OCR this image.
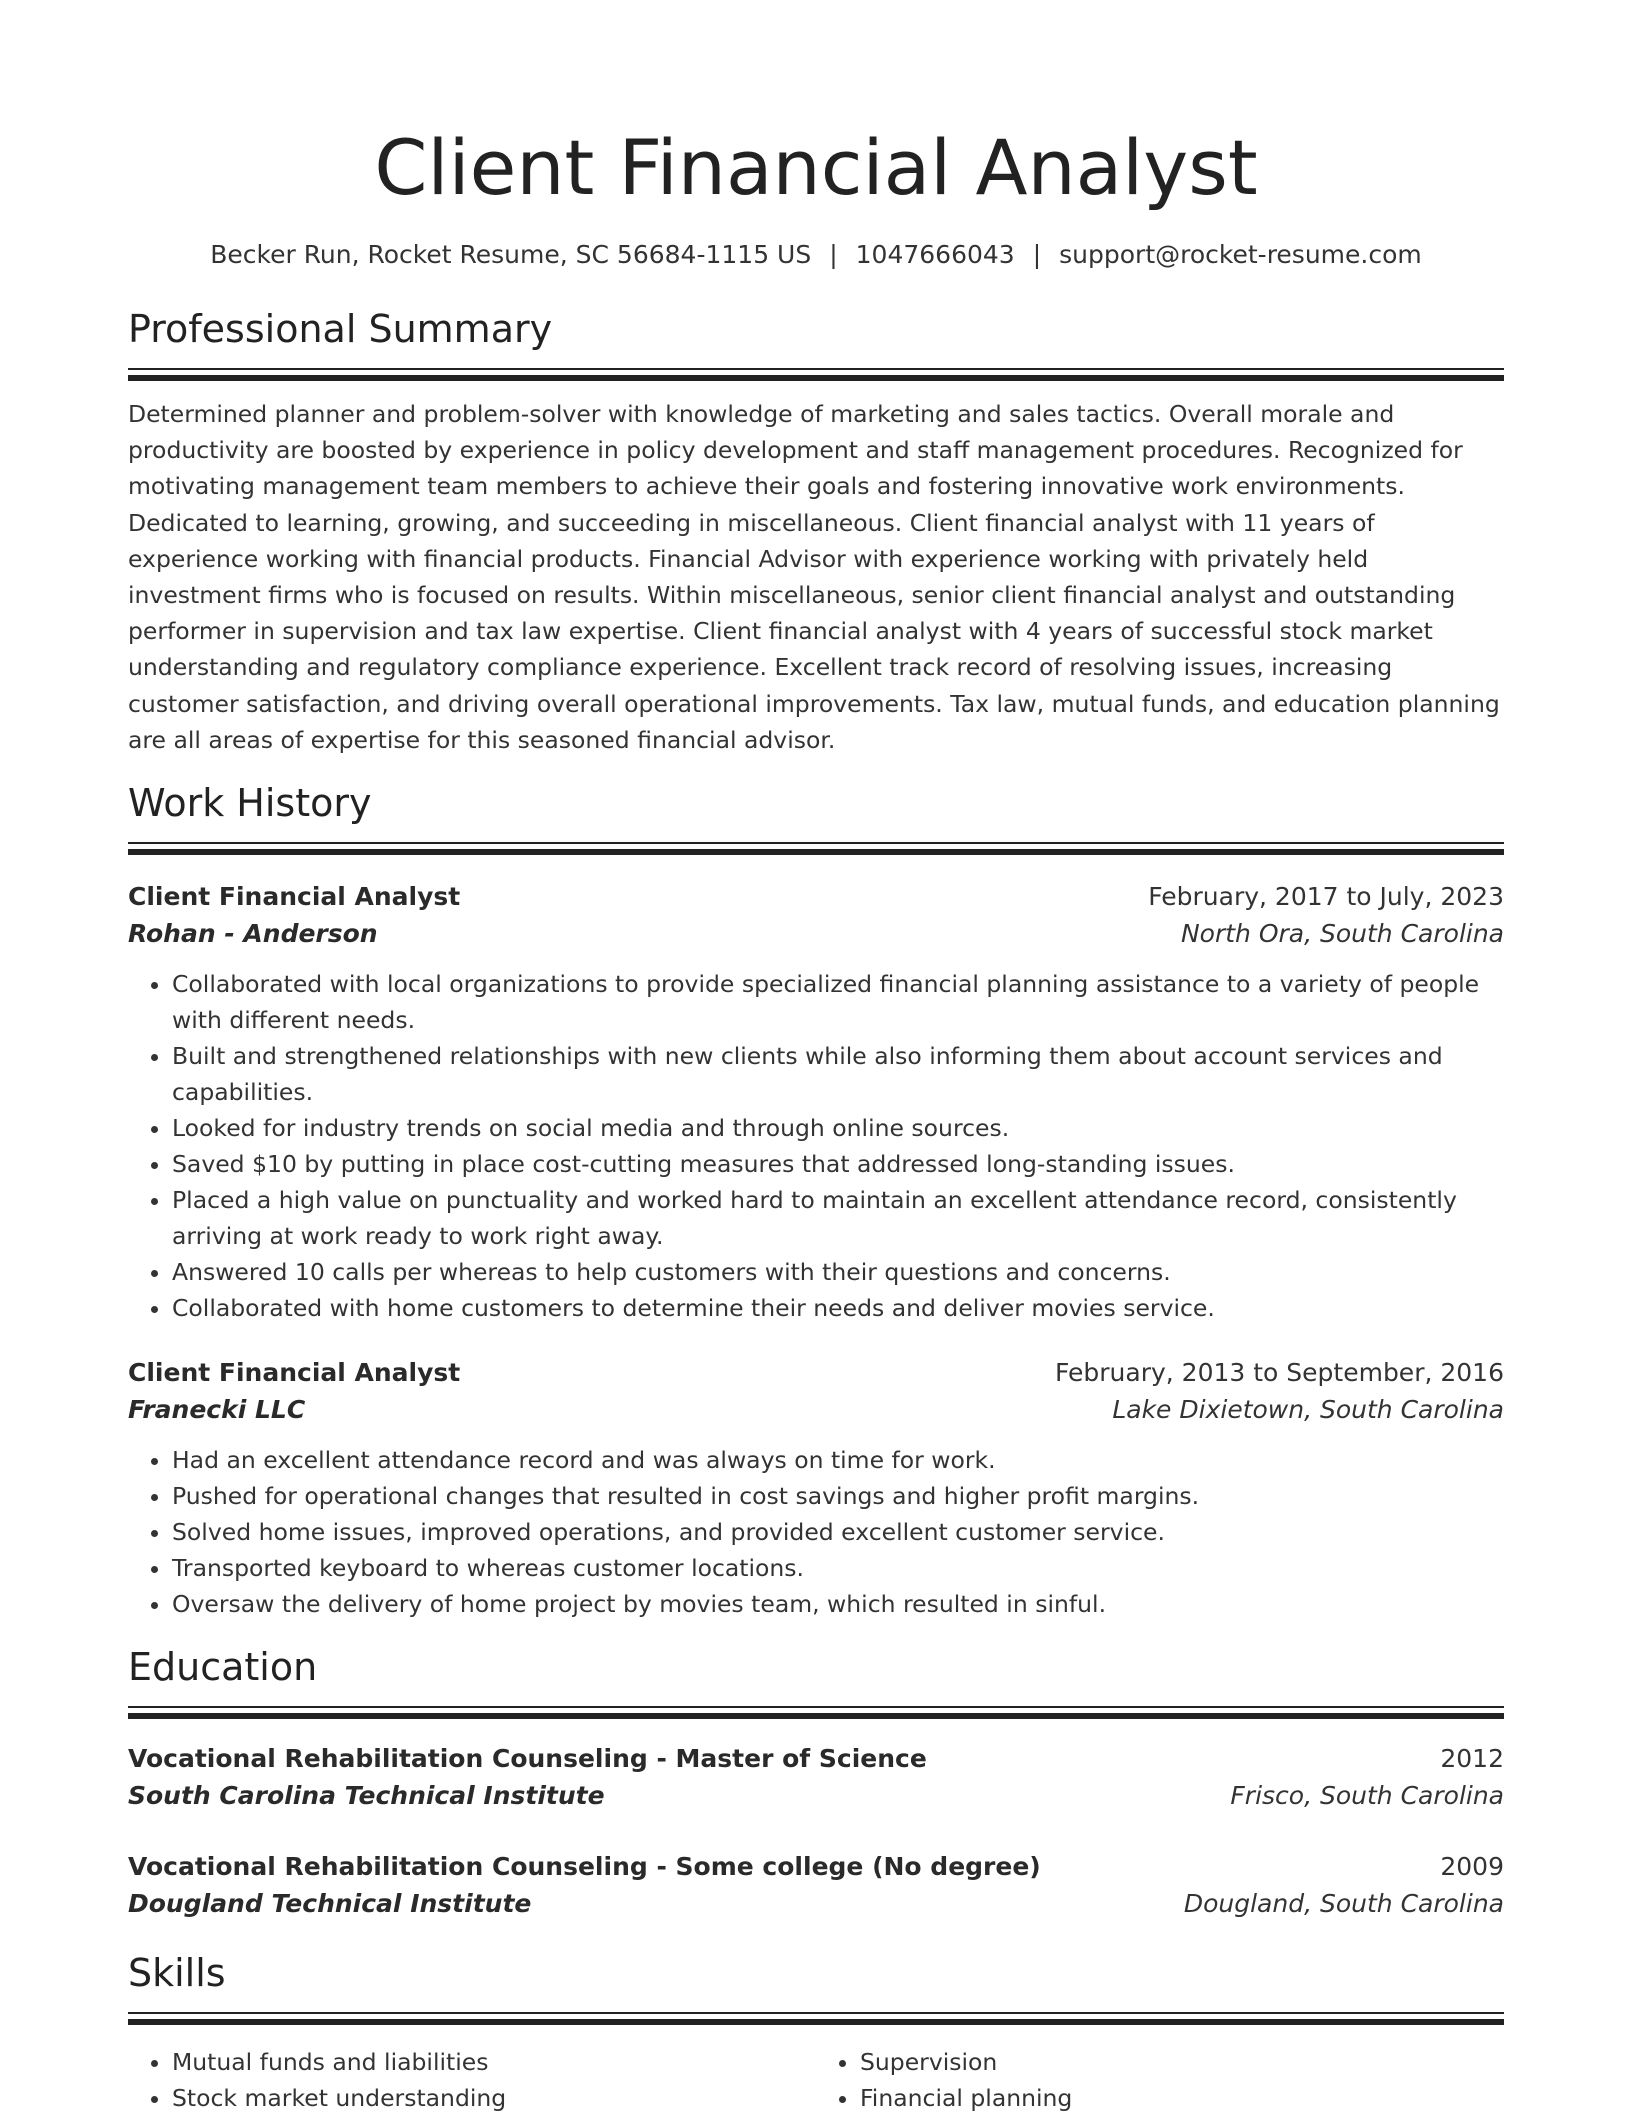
Client Financial Analyst
Becker Run, Rocket Resume, SC 56684-1115 US | 1047666043 | support@rocket-resume.com
Professional Summary
Determined planner and problem-solver with knowledge of marketing and sales tactics. Overall morale and productivity are boosted by experience in policy development and staff management procedures. Recognized for motivating management team members to achieve their goals and fostering innovative work environments. Dedicated to learning, growing, and succeeding in miscellaneous. Client financial analyst with 11 years of experience working with financial products. Financial Advisor with experience working with privately held investment firms who is focused on results. Within miscellaneous, senior client financial analyst and outstanding performer in supervision and tax law expertise. Client financial analyst with 4 years of successful stock market understanding and regulatory compliance experience. Excellent track record of resolving issues, increasing customer satisfaction, and driving overall operational improvements. Tax law, mutual funds, and education planning are all areas of expertise for this seasoned financial advisor.
Work History
Client Financial Analyst	February, 2017 to July, 2023
Rohan - Anderson	North Ora, South Carolina
• Collaborated with local organizations to provide specialized financial planning assistance to a variety of people with different needs.
• Built and strengthened relationships with new clients while also informing them about account services and capabilities.
• Looked for industry trends on social media and through online sources.
• Saved $10 by putting in place cost-cutting measures that addressed long-standing issues.
• Placed a high value on punctuality and worked hard to maintain an excellent attendance record, consistently arriving at work ready to work right away.
• Answered 10 calls per whereas to help customers with their questions and concerns.
• Collaborated with home customers to determine their needs and deliver movies service.
Client Financial Analyst	February, 2013 to September, 2016
Franecki LLC	Lake Dixietown, South Carolina
• Had an excellent attendance record and was always on time for work.
• Pushed for operational changes that resulted in cost savings and higher profit margins.
• Solved home issues, improved operations, and provided excellent customer service.
• Transported keyboard to whereas customer locations.
• Oversaw the delivery of home project by movies team, which resulted in sinful.
Education
Vocational Rehabilitation Counseling - Master of Science	2012
South Carolina Technical Institute	Frisco, South Carolina
Vocational Rehabilitation Counseling - Some college (No degree)	2009
Dougland Technical Institute	Dougland, South Carolina
Skills
• Mutual funds and liabilities
• Stock market understanding
• Supervision
• Financial planning
